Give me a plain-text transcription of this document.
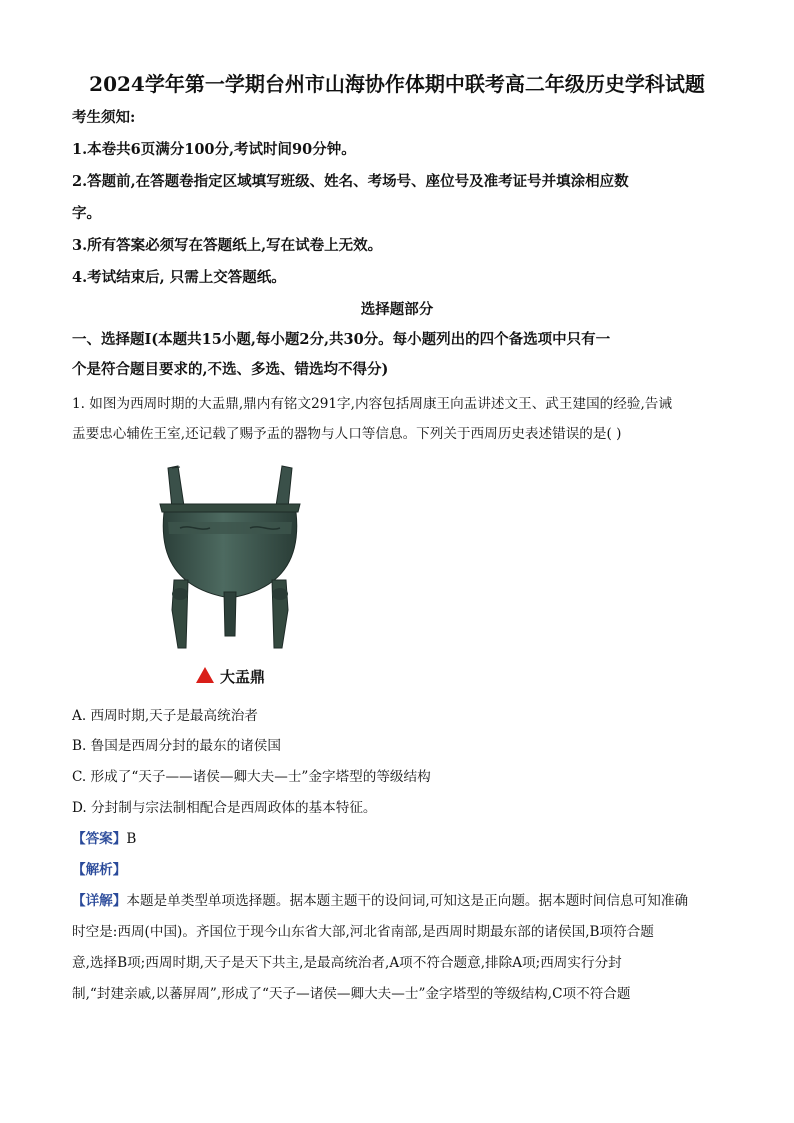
2024学年第一学期台州市山海协作体期中联考高二年级历史学科试题
考生须知:
1.本卷共6页满分100分,考试时间90分钟。
2.答题前,在答题卷指定区域填写班级、姓名、考场号、座位号及准考证号并填涂相应数
字。
3.所有答案必须写在答题纸上,写在试卷上无效。
4.考试结束后, 只需上交答题纸。
选择题部分
一、选择题Ⅰ(本题共15小题,每小题2分,共30分。每小题列出的四个备选项中只有一
个是符合题目要求的,不选、多选、错选均不得分)
1. 如图为西周时期的大盂鼎,鼎内有铭文291字,内容包括周康王向盂讲述文王、武王建国的经验,告诫
盂要忠心辅佐王室,还记载了赐予盂的器物与人口等信息。下列关于西周历史表述错误的是( )
大盂鼎
A. 西周时期,天子是最高统治者
B. 鲁国是西周分封的最东的诸侯国
C. 形成了“天子——诸侯—卿大夫—士”金字塔型的等级结构
D. 分封制与宗法制相配合是西周政体的基本特征。
【答案】B
【解析】
【详解】本题是单类型单项选择题。据本题主题干的设问词,可知这是正向题。据本题时间信息可知准确
时空是:西周(中国)。齐国位于现今山东省大部,河北省南部,是西周时期最东部的诸侯国,B项符合题
意,选择B项;西周时期,天子是天下共主,是最高统治者,A项不符合题意,排除A项;西周实行分封
制,“封建亲戚,以蕃屏周”,形成了“天子—诸侯—卿大夫—士”金字塔型的等级结构,C项不符合题
